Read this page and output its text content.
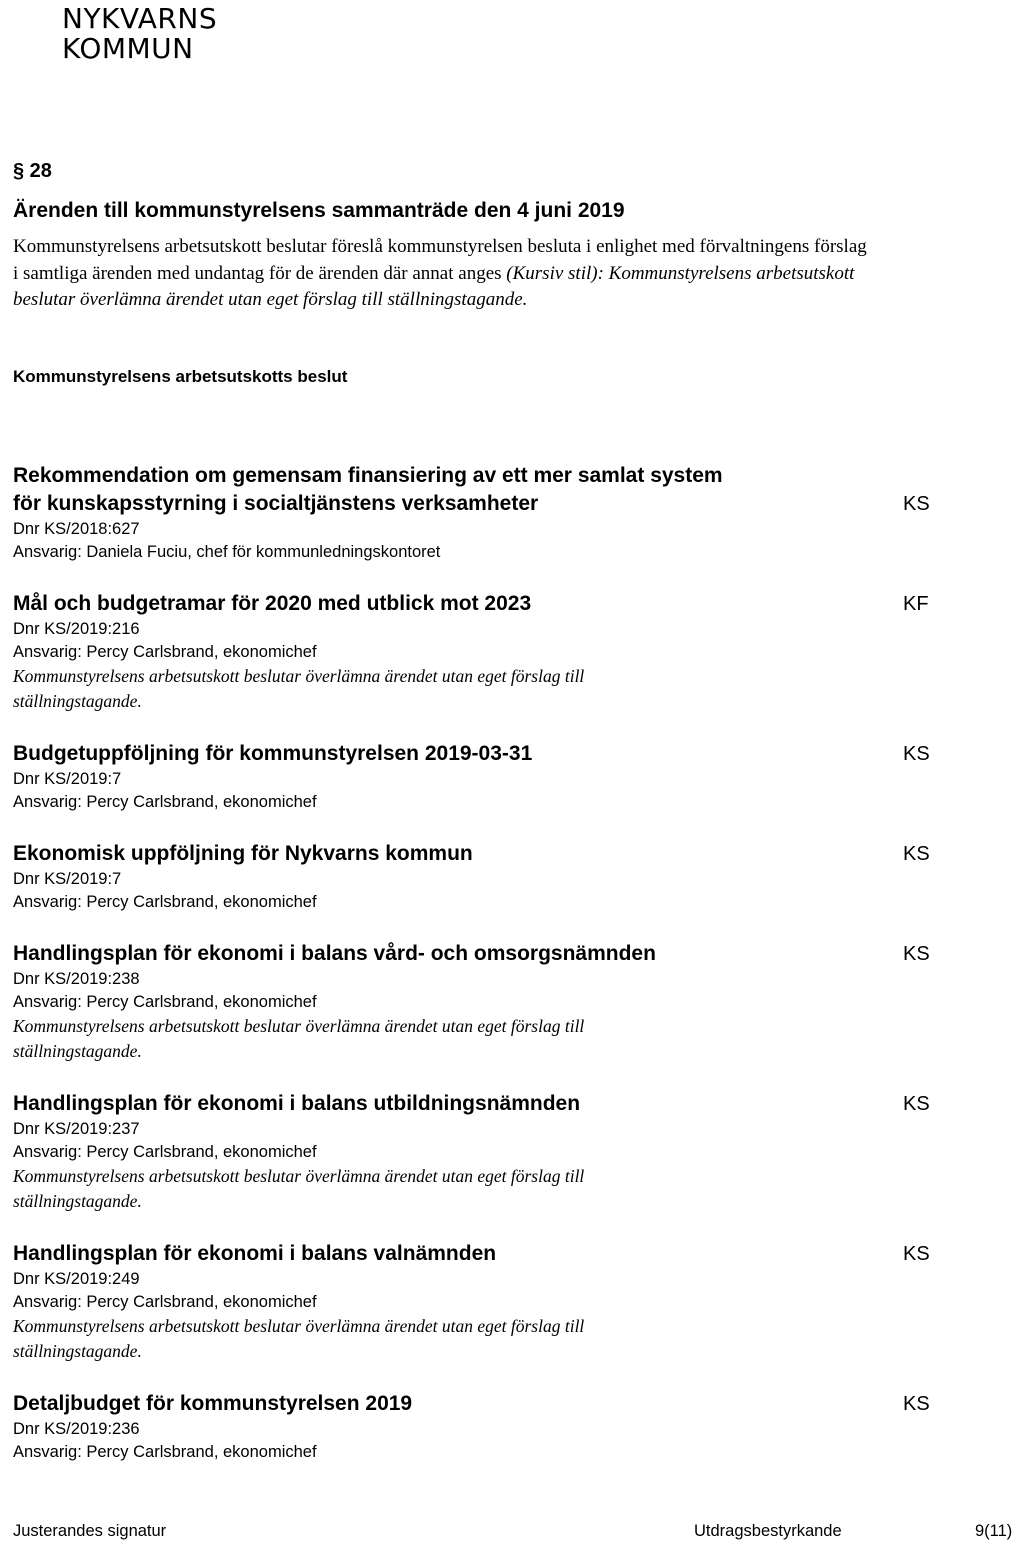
NYKVARNS
KOMMUN
§ 28
Ärenden till kommunstyrelsens sammanträde den 4 juni 2019
Kommunstyrelsens arbetsutskott beslutar föreslå kommunstyrelsen besluta i enlighet med förvaltningens förslag i samtliga ärenden med undantag för de ärenden där annat anges (Kursiv stil): Kommunstyrelsens arbetsutskott beslutar överlämna ärendet utan eget förslag till ställningstagande.
Kommunstyrelsens arbetsutskotts beslut
Rekommendation om gemensam finansiering av ett mer samlat system
för kunskapsstyrning i socialtjänstens verksamheter	KS
Dnr KS/2018:627
Ansvarig: Daniela Fuciu, chef för kommunledningskontoret
Mål och budgetramar för 2020 med utblick mot 2023	KF
Dnr KS/2019:216
Ansvarig: Percy Carlsbrand, ekonomichef
Kommunstyrelsens arbetsutskott beslutar överlämna ärendet utan eget förslag till ställningstagande.
Budgetuppföljning för kommunstyrelsen 2019-03-31	KS
Dnr KS/2019:7
Ansvarig: Percy Carlsbrand, ekonomichef
Ekonomisk uppföljning för Nykvarns kommun	KS
Dnr KS/2019:7
Ansvarig: Percy Carlsbrand, ekonomichef
Handlingsplan för ekonomi i balans vård- och omsorgsnämnden	KS
Dnr KS/2019:238
Ansvarig: Percy Carlsbrand, ekonomichef
Kommunstyrelsens arbetsutskott beslutar överlämna ärendet utan eget förslag till ställningstagande.
Handlingsplan för ekonomi i balans utbildningsnämnden	KS
Dnr KS/2019:237
Ansvarig: Percy Carlsbrand, ekonomichef
Kommunstyrelsens arbetsutskott beslutar överlämna ärendet utan eget förslag till ställningstagande.
Handlingsplan för ekonomi i balans valnämnden	KS
Dnr KS/2019:249
Ansvarig: Percy Carlsbrand, ekonomichef
Kommunstyrelsens arbetsutskott beslutar överlämna ärendet utan eget förslag till ställningstagande.
Detaljbudget för kommunstyrelsen 2019	KS
Dnr KS/2019:236
Ansvarig: Percy Carlsbrand, ekonomichef
Justerandes signatur	Utdragsbestyrkande	9(11)
